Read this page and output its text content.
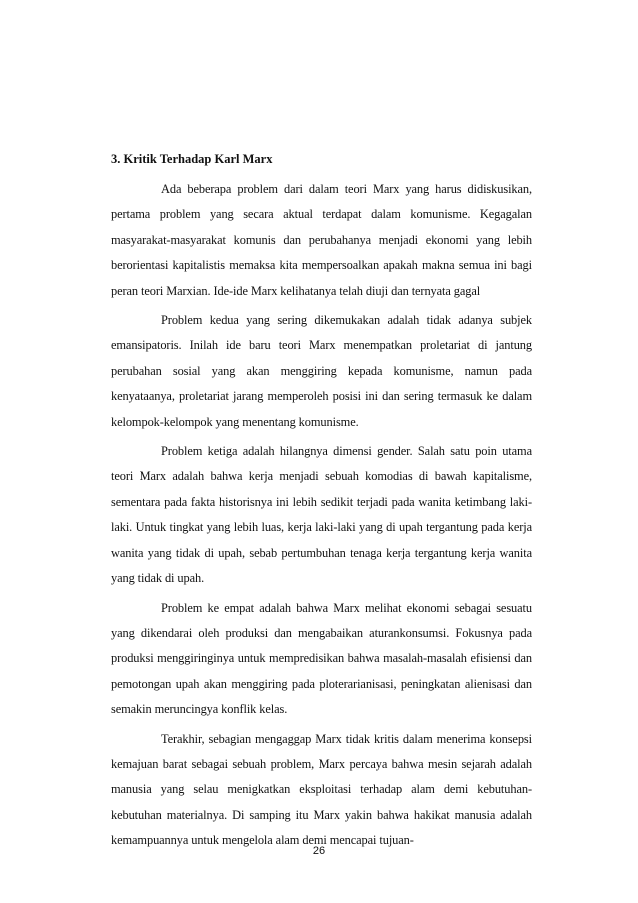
3. Kritik Terhadap Karl Marx

Ada beberapa problem dari dalam teori Marx yang harus didiskusikan, pertama problem yang secara aktual terdapat dalam komunisme. Kegagalan masyarakat-masyarakat komunis dan perubahanya menjadi ekonomi yang lebih berorientasi kapitalistis memaksa kita mempersoalkan apakah makna semua ini bagi peran teori Marxian. Ide-ide Marx kelihatanya telah diuji dan ternyata gagal

Problem kedua yang sering dikemukakan adalah tidak adanya subjek emansipatoris. Inilah ide baru teori Marx menempatkan proletariat di jantung perubahan sosial yang akan menggiring kepada komunisme, namun pada kenyataanya, proletariat jarang memperoleh posisi ini dan sering termasuk ke dalam kelompok-kelompok yang menentang komunisme.

Problem ketiga adalah hilangnya dimensi gender. Salah satu poin utama teori Marx adalah bahwa kerja menjadi sebuah komodias di bawah kapitalisme, sementara pada fakta historisnya ini lebih sedikit terjadi pada wanita ketimbang laki-laki. Untuk tingkat yang lebih luas, kerja laki-laki yang di upah tergantung pada kerja wanita yang tidak di upah, sebab pertumbuhan tenaga kerja tergantung kerja wanita yang tidak di upah.

Problem ke empat adalah bahwa Marx melihat ekonomi sebagai sesuatu yang dikendarai oleh produksi dan mengabaikan aturankonsumsi. Fokusnya pada produksi menggiringinya untuk mempredisikan bahwa masalah-masalah efisiensi dan pemotongan upah akan menggiring pada ploterarianisasi, peningkatan alienisasi dan semakin meruncingya konflik kelas.

Terakhir, sebagian mengaggap Marx tidak kritis dalam menerima konsepsi kemajuan barat sebagai sebuah problem, Marx percaya bahwa mesin sejarah adalah manusia yang selau menigkatkan eksploitasi terhadap alam demi kebutuhan-kebutuhan materialnya. Di samping itu Marx yakin bahwa hakikat manusia adalah kemampuannya untuk mengelola alam demi mencapai tujuan-

26
